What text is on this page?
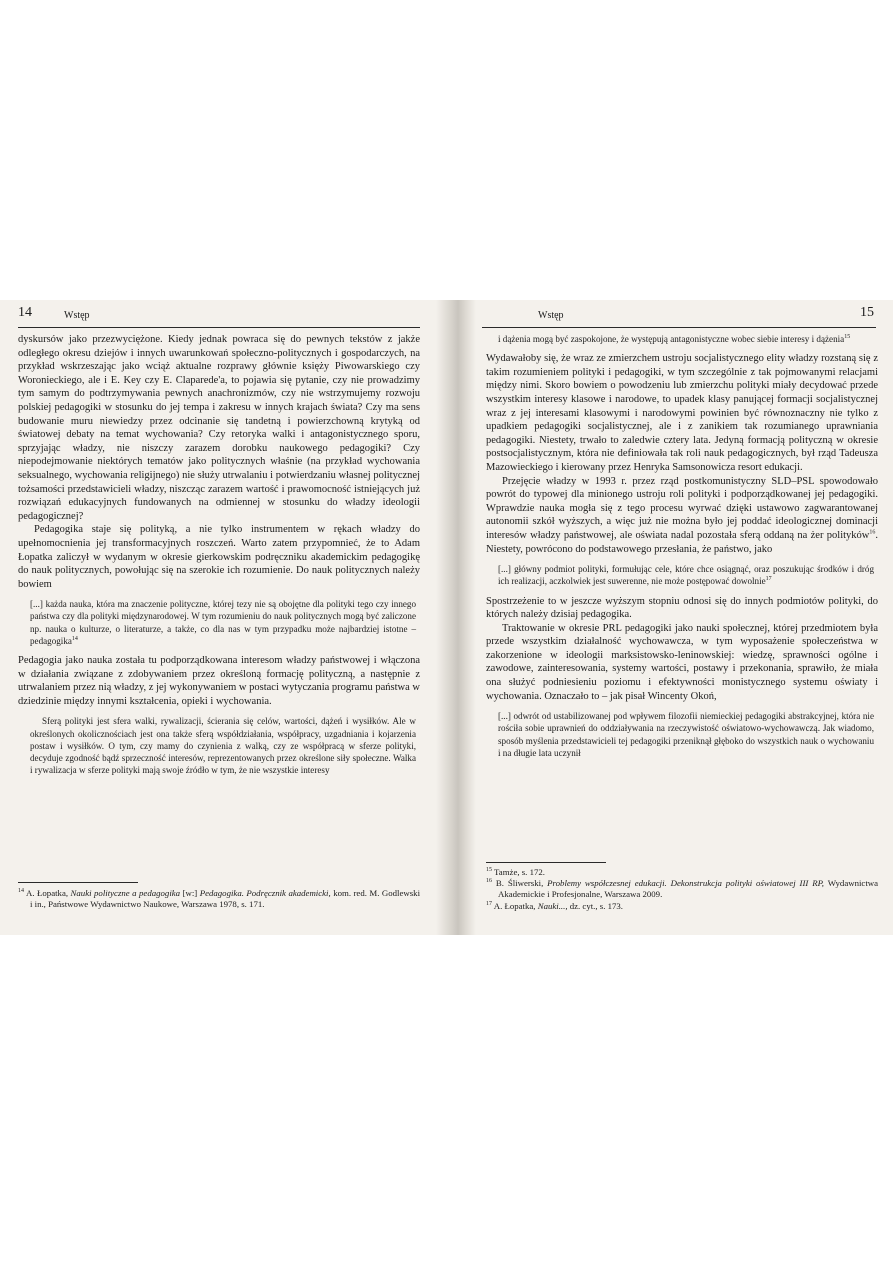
14	Wstęp

dyskursów jako przezwyciężone. Kiedy jednak powraca się do pewnych tekstów z jakże odległego okresu dziejów i innych uwarunkowań społeczno-politycznych i gospodarczych, na przykład wskrzeszając jako wciąż aktualne rozprawy głównie księży Piwowarskiego czy Woronieckiego, ale i E. Key czy E. Claparede'a, to pojawia się pytanie, czy nie prowadzimy tym samym do podtrzymywania pewnych anachronizmów, czy nie wstrzymujemy rozwoju polskiej pedagogiki w stosunku do jej tempa i zakresu w innych krajach świata? Czy ma sens budowanie muru niewiedzy przez odcinanie się tandetną i powierzchowną krytyką od światowej debaty na temat wychowania? Czy retoryka walki i antagonistycznego sporu, sprzyjając władzy, nie niszczy zarazem dorobku naukowego pedagogiki? Czy niepodejmowanie niektórych tematów jako politycznych właśnie (na przykład wychowania seksualnego, wychowania religijnego) nie służy utrwalaniu i potwierdzaniu własnej politycznej tożsamości przedstawicieli władzy, niszcząc zarazem wartość i prawomocność istniejących już rozwiązań edukacyjnych fundowanych na odmiennej w stosunku do władzy ideologii pedagogicznej?

Pedagogika staje się polityką, a nie tylko instrumentem w rękach władzy do upełnomocnienia jej transformacyjnych roszczeń. Warto zatem przypomnieć, że to Adam Łopatka zaliczył w wydanym w okresie gierkowskim podręczniku akademickim pedagogikę do nauk politycznych, powołując się na szerokie ich rozumienie. Do nauk politycznych należy bowiem

[...] każda nauka, która ma znaczenie polityczne, której tezy nie są obojętne dla polityki tego czy innego państwa czy dla polityki międzynarodowej. W tym rozumieniu do nauk politycznych mogą być zaliczone np. nauka o kulturze, o literaturze, a także, co dla nas w tym przypadku może najbardziej istotne – pedagogika$^{14}$

Pedagogia jako nauka została tu podporządkowana interesom władzy państwowej i włączona w działania związane z zdobywaniem przez określoną formację polityczną, a następnie z utrwalaniem przez nią władzy, z jej wykonywaniem w postaci wytyczania programu państwa w dziedzinie między innymi kształcenia, opieki i wychowania.

Sferą polityki jest sfera walki, rywalizacji, ścierania się celów, wartości, dążeń i wysiłków. Ale w określonych okolicznościach jest ona także sferą współdziałania, współpracy, uzgadniania i kojarzenia postaw i wysiłków. O tym, czy mamy do czynienia z walką, czy ze współpracą w sferze polityki, decyduje zgodność bądź sprzeczność interesów, reprezentowanych przez określone siły społeczne. Walka i rywalizacja w sferze polityki mają swoje źródło w tym, że nie wszystkie interesy
$^{14}$ A. Łopatka, Nauki polityczne a pedagogika [w:] Pedagogika. Podręcznik akademicki, kom. red. M. Godlewski i in., Państwowe Wydawnictwo Naukowe, Warszawa 1978, s. 171.
Wstęp	15
i dążenia mogą być zaspokojone, że występują antagonistyczne wobec siebie interesy i dążenia$^{15}$

Wydawałoby się, że wraz ze zmierzchem ustroju socjalistycznego elity władzy rozstaną się z takim rozumieniem polityki i pedagogiki, w tym szczególnie z tak pojmowanymi relacjami między nimi. Skoro bowiem o powodzeniu lub zmierzchu polityki miały decydować przede wszystkim interesy klasowe i narodowe, to upadek klasy panującej formacji socjalistycznej wraz z jej interesami klasowymi i narodowymi powinien być równoznaczny nie tylko z upadkiem pedagogiki socjalistycznej, ale i z zanikiem tak rozumianego uprawniania pedagogiki. Niestety, trwało to zaledwie cztery lata. Jedyną formacją polityczną w okresie postsocjalistycznym, która nie definiowała tak roli nauk pedagogicznych, był rząd Tadeusza Mazowieckiego i kierowany przez Henryka Samsonowicza resort edukacji.

Przejęcie władzy w 1993 r. przez rząd postkomunistyczny SLD–PSL spowodowało powrót do typowej dla minionego ustroju roli polityki i podporządkowanej jej pedagogiki. Wprawdzie nauka mogła się z tego procesu wyrwać dzięki ustawowo zagwarantowanej autonomii szkół wyższych, a więc już nie można było jej poddać ideologicznej dominacji interesów władzy państwowej, ale oświata nadal pozostała sferą oddaną na żer polityków$^{16}$. Niestety, powrócono do podstawowego przesłania, że państwo, jako

[...] główny podmiot polityki, formułując cele, które chce osiągnąć, oraz poszukując środków i dróg ich realizacji, aczkolwiek jest suwerenne, nie może postępować dowolnie$^{17}$

Spostrzeżenie to w jeszcze wyższym stopniu odnosi się do innych podmiotów polityki, do których należy dzisiaj pedagogika.

Traktowanie w okresie PRL pedagogiki jako nauki społecznej, której przedmiotem była przede wszystkim działalność wychowawcza, w tym wyposażenie społeczeństwa w zakorzenione w ideologii marksistowsko-leninowskiej: wiedzę, sprawności ogólne i zawodowe, zainteresowania, systemy wartości, postawy i przekonania, sprawiło, że miała ona służyć podniesieniu poziomu i efektywności monistycznego systemu oświaty i wychowania. Oznaczało to – jak pisał Wincenty Okoń,

[...] odwrót od ustabilizowanej pod wpływem filozofii niemieckiej pedagogiki abstrakcyjnej, która nie rościła sobie uprawnień do oddziaływania na rzeczywistość oświatowo-wychowawczą. Jak wiadomo, sposób myślenia przedstawicieli tej pedagogiki przeniknął głęboko do wszystkich nauk o wychowaniu i na długie lata uczynił
$^{15}$ Tamże, s. 172.
$^{16}$ B. Śliwerski, Problemy współczesnej edukacji. Dekonstrukcja polityki oświatowej III RP, Wydawnictwa Akademickie i Profesjonalne, Warszawa 2009.
$^{17}$ A. Łopatka, Nauki..., dz. cyt., s. 173.
